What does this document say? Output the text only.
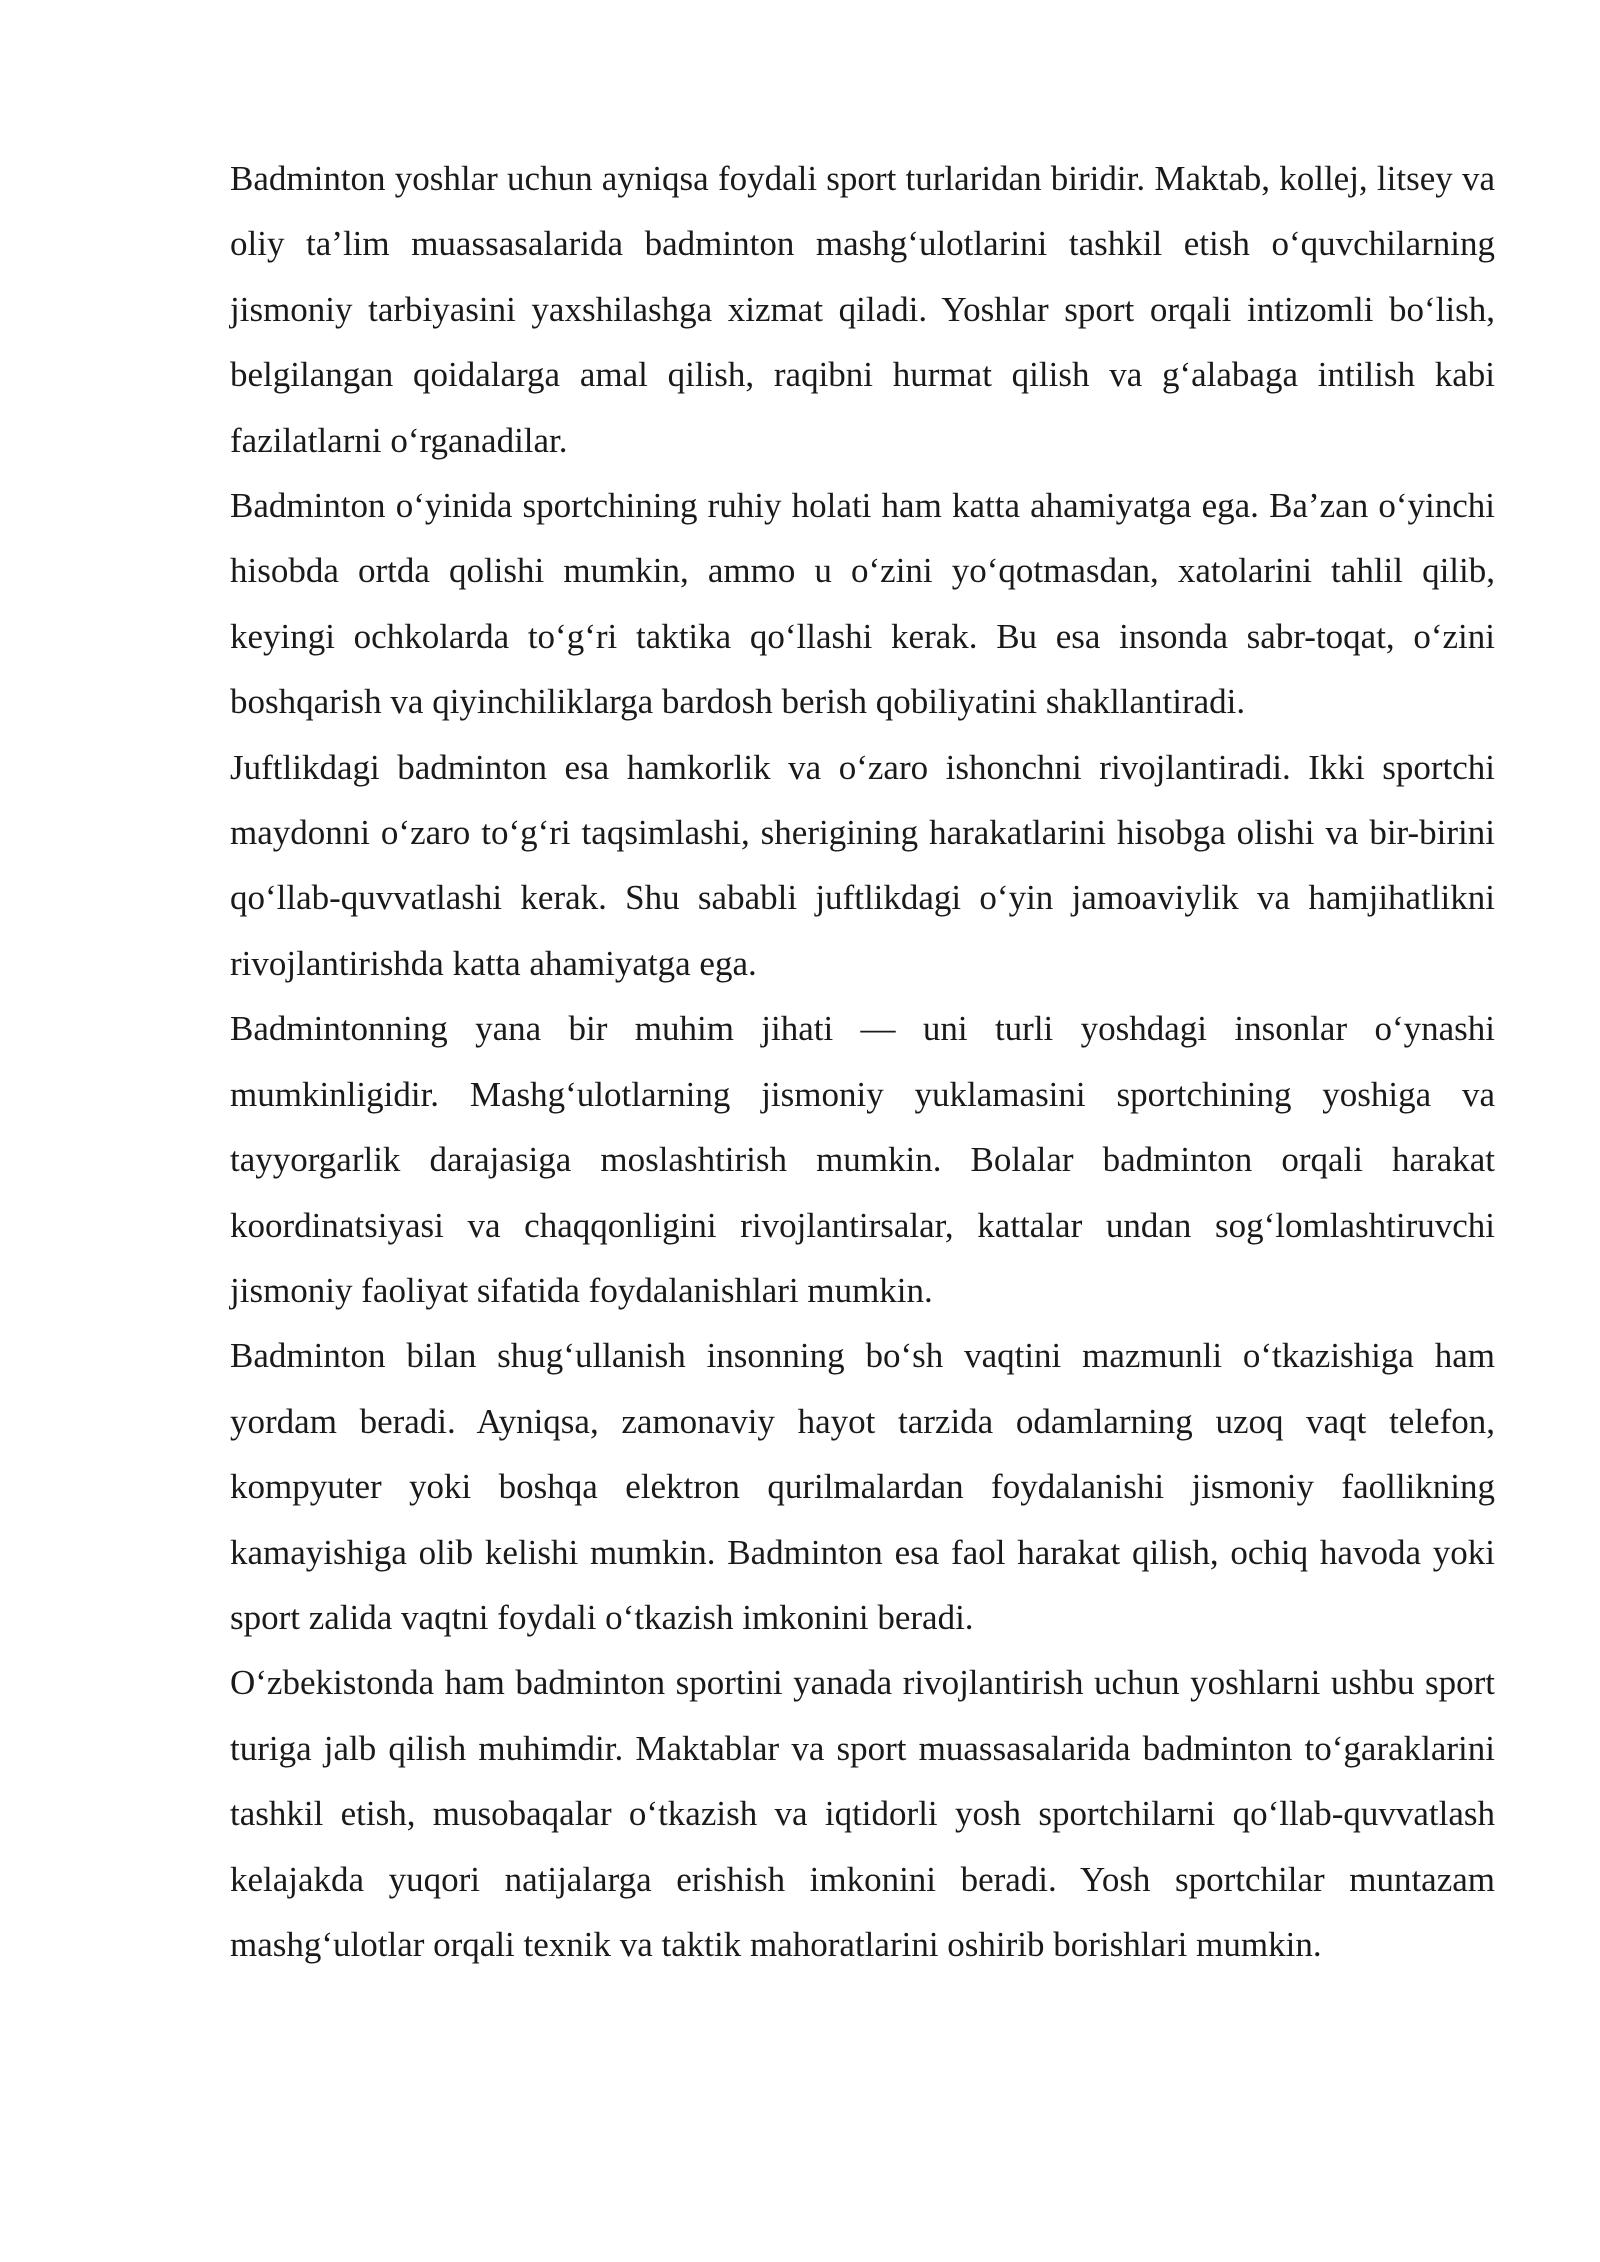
Badminton yoshlar uchun ayniqsa foydali sport turlaridan biridir. Maktab, kollej, litsey va oliy ta’lim muassasalarida badminton mashg‘ulotlarini tashkil etish o‘quvchilarning jismoniy tarbiyasini yaxshilashga xizmat qiladi. Yoshlar sport orqali intizomli bo‘lish, belgilangan qoidalarga amal qilish, raqibni hurmat qilish va g‘alabaga intilish kabi fazilatlarni o‘rganadilar.

Badminton o‘yinida sportchining ruhiy holati ham katta ahamiyatga ega. Ba’zan o‘yinchi hisobda ortda qolishi mumkin, ammo u o‘zini yo‘qotmasdan, xatolarini tahlil qilib, keyingi ochkolarda to‘g‘ri taktika qo‘llashi kerak. Bu esa insonda sabr-toqat, o‘zini boshqarish va qiyinchiliklarga bardosh berish qobiliyatini shakllantiradi.

Juftlikdagi badminton esa hamkorlik va o‘zaro ishonchni rivojlantiradi. Ikki sportchi maydonni o‘zaro to‘g‘ri taqsimlashi, sherigining harakatlarini hisobga olishi va bir-birini qo‘llab-quvvatlashi kerak. Shu sababli juftlikdagi o‘yin jamoaviylik va hamjihatlikni rivojlantirishda katta ahamiyatga ega.

Badmintonning yana bir muhim jihati — uni turli yoshdagi insonlar o‘ynashi mumkinligidir. Mashg‘ulotlarning jismoniy yuklamasini sportchining yoshiga va tayyorgarlik darajasiga moslashtirish mumkin. Bolalar badminton orqali harakat koordinatsiyasi va chaqqonligini rivojlantirsalar, kattalar undan sog‘lomlashtiruvchi jismoniy faoliyat sifatida foydalanishlari mumkin.

Badminton bilan shug‘ullanish insonning bo‘sh vaqtini mazmunli o‘tkazishiga ham yordam beradi. Ayniqsa, zamonaviy hayot tarzida odamlarning uzoq vaqt telefon, kompyuter yoki boshqa elektron qurilmalardan foydalanishi jismoniy faollikning kamayishiga olib kelishi mumkin. Badminton esa faol harakat qilish, ochiq havoda yoki sport zalida vaqtni foydali o‘tkazish imkonini beradi.

O‘zbekistonda ham badminton sportini yanada rivojlantirish uchun yoshlarni ushbu sport turiga jalb qilish muhimdir. Maktablar va sport muassasalarida badminton to‘garaklarini tashkil etish, musobaqalar o‘tkazish va iqtidorli yosh sportchilarni qo‘llab-quvvatlash kelajakda yuqori natijalarga erishish imkonini beradi. Yosh sportchilar muntazam mashg‘ulotlar orqali texnik va taktik mahoratlarini oshirib borishlari mumkin.
